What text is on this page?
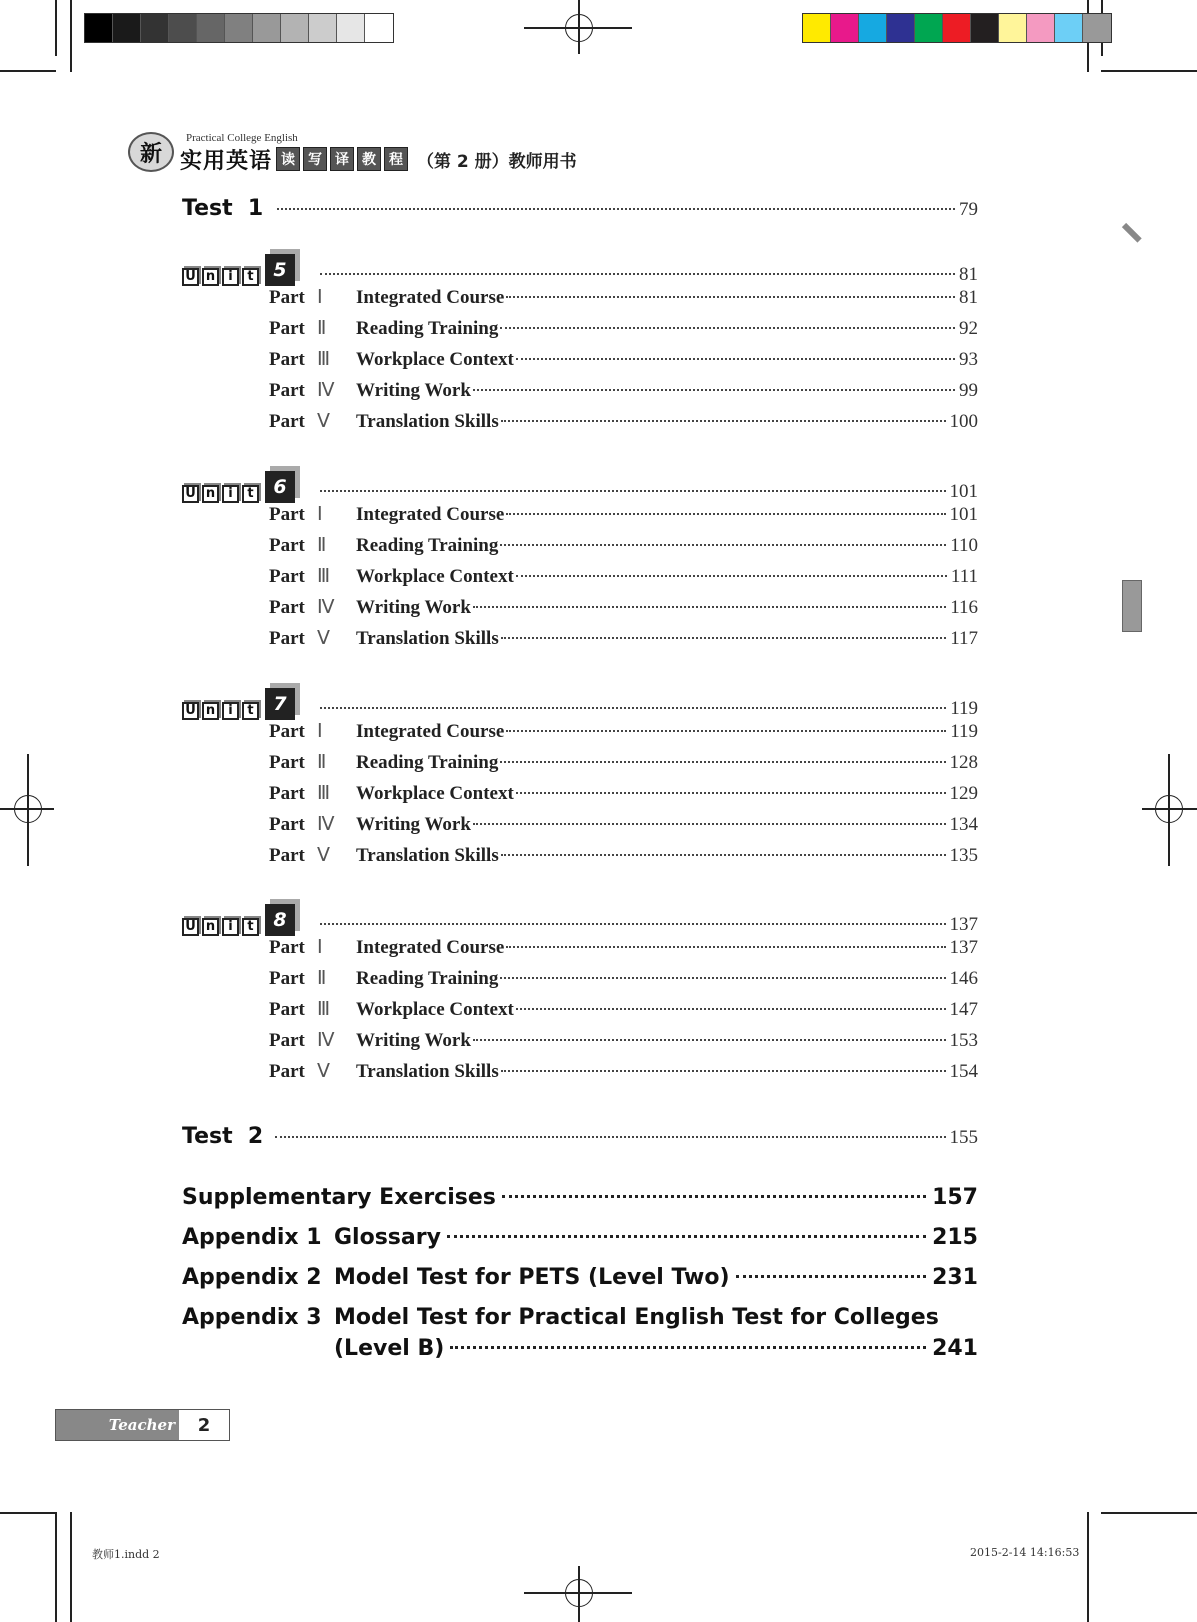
新
Practical College English
实用英语 读 写 译 教 程 （第 2 册）教师用书
Test  1	79
U n	i	t	5	81
Part Ⅰ	Integrated Course	81
Part Ⅱ	Reading Training	92
Part Ⅲ	Workplace Context	93
Part Ⅳ	Writing Work	99
Part Ⅴ	Translation Skills	100
U n	i	t	6	101
Part Ⅰ	Integrated Course	101
Part Ⅱ	Reading Training	110
Part Ⅲ	Workplace Context	111
Part Ⅳ	Writing Work	116
Part Ⅴ	Translation Skills	117
U n	i	t	7	119
Part Ⅰ	Integrated Course	119
Part Ⅱ	Reading Training	128
Part Ⅲ	Workplace Context	129
Part Ⅳ	Writing Work	134
Part Ⅴ	Translation Skills	135
U n	i	t	8	137
Part Ⅰ	Integrated Course	137
Part Ⅱ	Reading Training	146
Part Ⅲ	Workplace Context	147
Part Ⅳ	Writing Work	153
Part Ⅴ	Translation Skills	154
Test  2	155
Supplementary Exercises	157
Appendix 1 Glossary	215
Appendix 2 Model Test for PETS (Level Two)	231
Appendix 3 Model Test for Practical English Test for Colleges
(Level B)	241
Teacher	2
教师1.indd 2	2015-2-14 14:16:53
